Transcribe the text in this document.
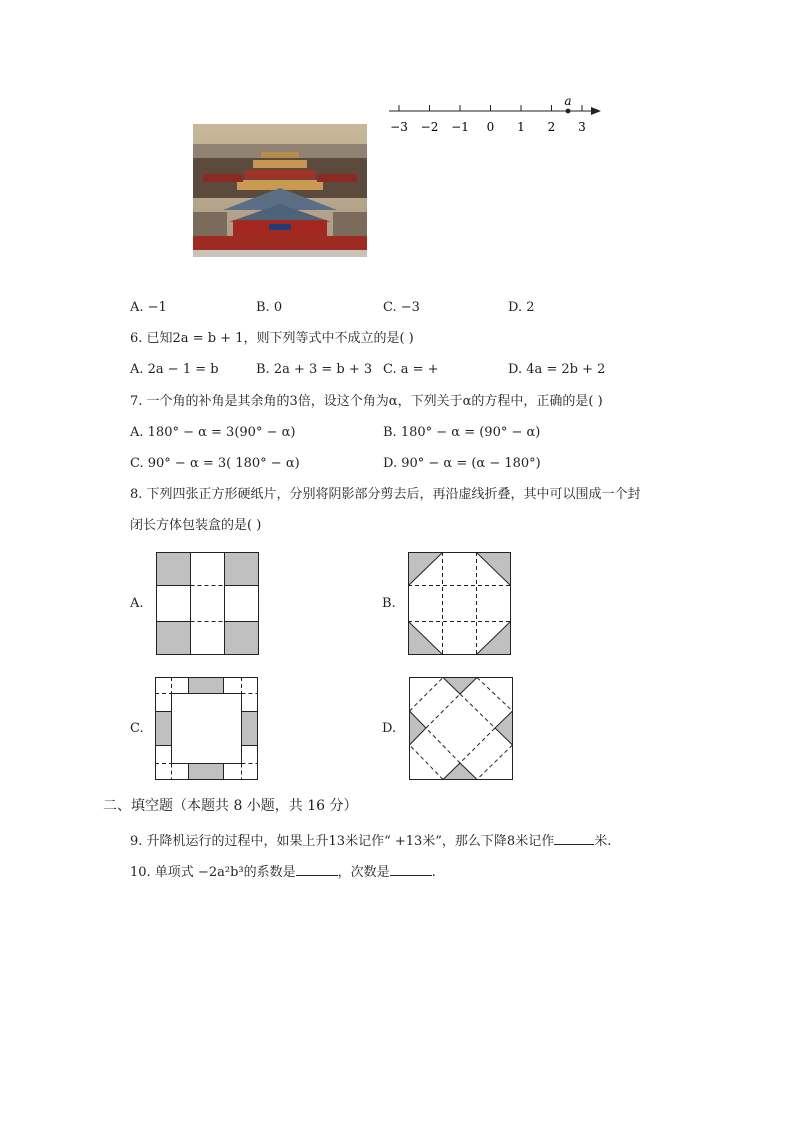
−3 −2 −1 0 1 2 3
a
A. −1	B. 0	C. −3	D. 2
6. 已知2a = b + 1，则下列等式中不成立的是( )
A. 2a − 1 = b	B. 2a + 3 = b + 3 C. a = +	D. 4a = 2b + 2
7. 一个角的补角是其余角的3倍，设这个角为α，下列关于α的方程中，正确的是( )
A. 180° − α = 3(90° − α)	B. 180° − α = (90° − α)
C. 90° − α = 3( 180° − α)	D. 90° − α = (α − 180°)
8. 下列四张正方形硬纸片，分别将阴影部分剪去后，再沿虚线折叠，其中可以围成一个封
闭长方体包装盒的是( )
A.	B.
C.	D.
二、填空题（本题共 8 小题，共 16 分）
9. 升降机运行的过程中，如果上升13米记作“ +13米”，那么下降8米记作	米.
10. 单项式 −2a²b³的系数是	，次数是	.
